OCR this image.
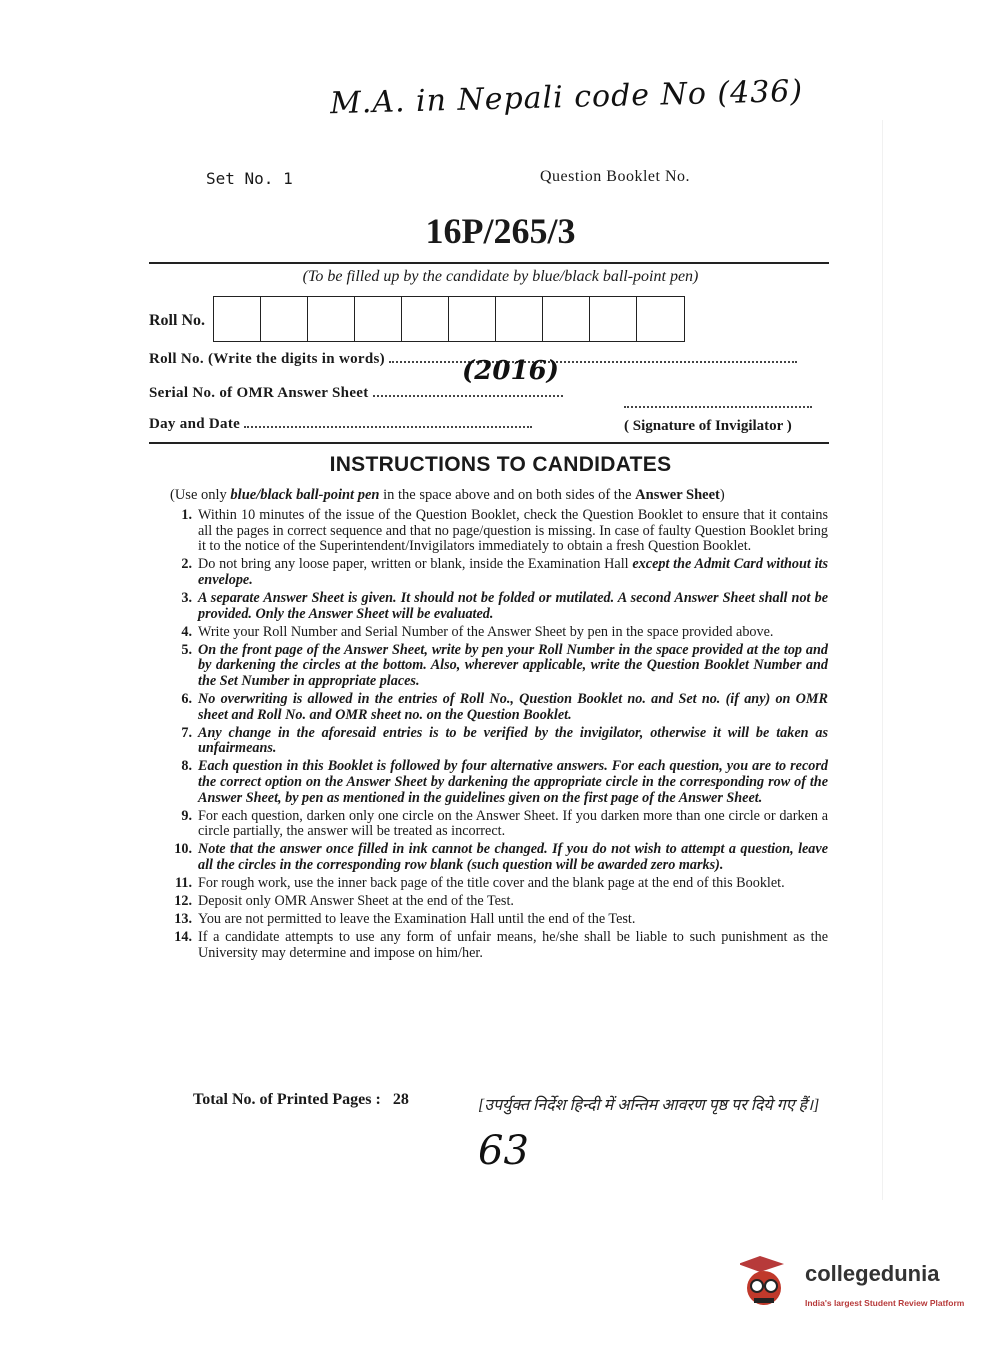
M.A. in Nepali code No (436)
Set No. 1	Question Booklet No.
16P/265/3
(To be filled up by the candidate by blue/black ball-point pen)
Roll No.
Roll No. (Write the digits in words)
Serial No. of OMR Answer Sheet
Day and Date
(2016)
( Signature of Invigilator )
INSTRUCTIONS TO CANDIDATES
(Use only blue/black ball-point pen in the space above and on both sides of the Answer Sheet)
1. Within 10 minutes of the issue of the Question Booklet, check the Question Booklet to ensure that it contains all the pages in correct sequence and that no page/question is missing. In case of faulty Question Booklet bring it to the notice of the Superintendent/Invigilators immediately to obtain a fresh Question Booklet.
2. Do not bring any loose paper, written or blank, inside the Examination Hall except the Admit Card without its envelope.
3. A separate Answer Sheet is given. It should not be folded or mutilated. A second Answer Sheet shall not be provided. Only the Answer Sheet will be evaluated.
4. Write your Roll Number and Serial Number of the Answer Sheet by pen in the space provided above.
5. On the front page of the Answer Sheet, write by pen your Roll Number in the space provided at the top and by darkening the circles at the bottom. Also, wherever applicable, write the Question Booklet Number and the Set Number in appropriate places.
6. No overwriting is allowed in the entries of Roll No., Question Booklet no. and Set no. (if any) on OMR sheet and Roll No. and OMR sheet no. on the Question Booklet.
7. Any change in the aforesaid entries is to be verified by the invigilator, otherwise it will be taken as unfairmeans.
8. Each question in this Booklet is followed by four alternative answers. For each question, you are to record the correct option on the Answer Sheet by darkening the appropriate circle in the corresponding row of the Answer Sheet, by pen as mentioned in the guidelines given on the first page of the Answer Sheet.
9. For each question, darken only one circle on the Answer Sheet. If you darken more than one circle or darken a circle partially, the answer will be treated as incorrect.
10. Note that the answer once filled in ink cannot be changed. If you do not wish to attempt a question, leave all the circles in the corresponding row blank (such question will be awarded zero marks).
11. For rough work, use the inner back page of the title cover and the blank page at the end of this Booklet.
12. Deposit only OMR Answer Sheet at the end of the Test.
13. You are not permitted to leave the Examination Hall until the end of the Test.
14. If a candidate attempts to use any form of unfair means, he/she shall be liable to such punishment as the University may determine and impose on him/her.
Total No. of Printed Pages : 28	[उपर्युक्त निर्देश हिन्दी में अन्तिम आवरण पृष्ठ पर दिये गए हैं।]
63
collegedunia
India's largest Student Review Platform
